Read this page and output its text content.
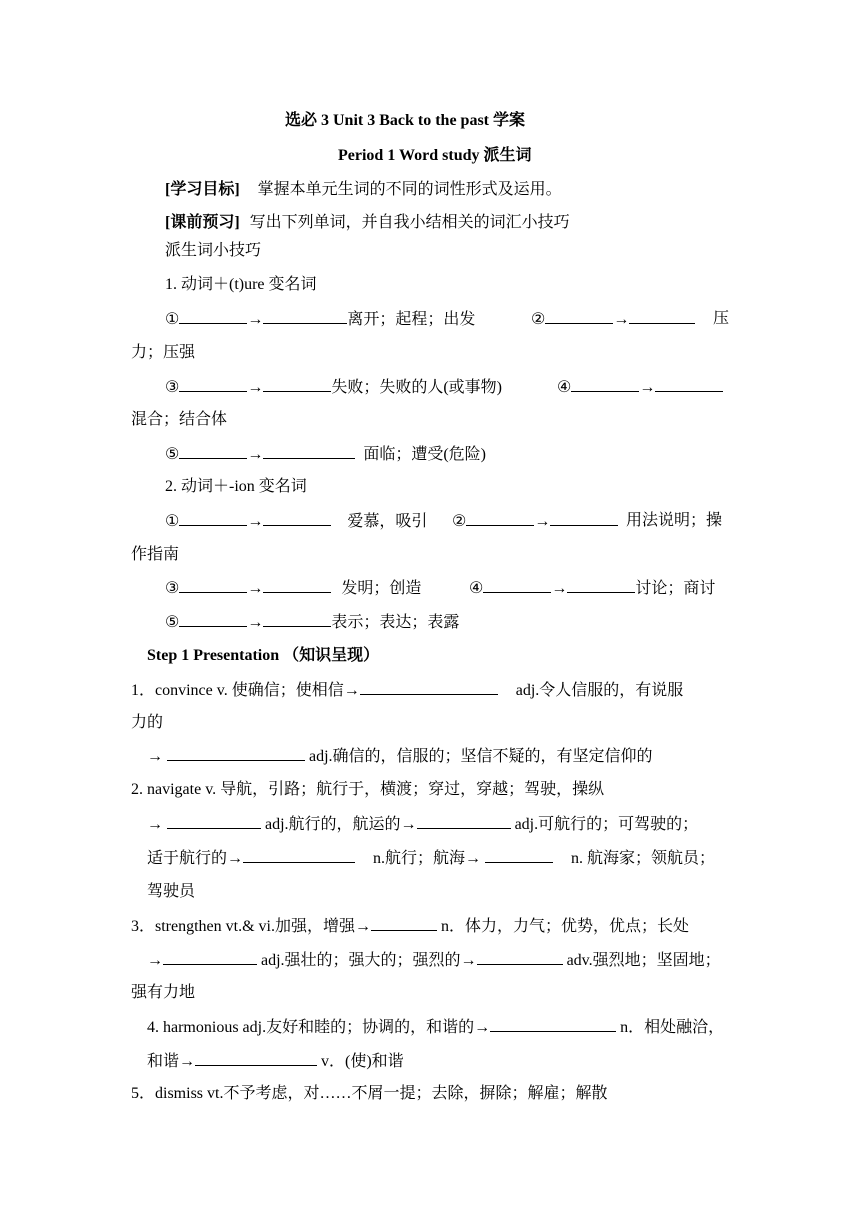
选必 3 Unit 3 Back to the past 学案
Period 1 Word study 派生词
[学习目标] 掌握本单元生词的不同的词性形式及运用。
[课前预习] 写出下列单词，并自我小结相关的词汇小技巧
派生词小技巧
1. 动词＋(t)ure 变名词
①	→	离开；起程；出发	②	→	压
力；压强
③	→	失败；失败的人(或事物)	④	→
混合；结合体
⑤	→	面临；遭受(危险)
2. 动词＋-ion 变名词
①	→	爱慕，吸引 ②	→	用法说明；操
作指南
③	→	发明；创造	④	→	讨论；商讨
⑤	→	表示；表达；表露
Step 1 Presentation （知识呈现）
1．convince v. 使确信；使相信→	adj.令人信服的，有说服
力的
→	adj.确信的，信服的；坚信不疑的，有坚定信仰的
2. navigate v. 导航，引路；航行于，横渡；穿过，穿越；驾驶，操纵
→	adj.航行的，航运的→	adj.可航行的；可驾驶的；
适于航行的→	n.航行；航海→	n. 航海家；领航员；
驾驶员
3．strengthen vt.& vi.加强，增强→	n．体力，力气；优势，优点；长处
→	adj.强壮的；强大的；强烈的→	adv.强烈地；坚固地；
强有力地
4. harmonious adj.友好和睦的；协调的，和谐的→	n．相处融洽，
和谐→	v．(使)和谐
5．dismiss vt.不予考虑，对……不屑一提；去除，摒除；解雇；解散
